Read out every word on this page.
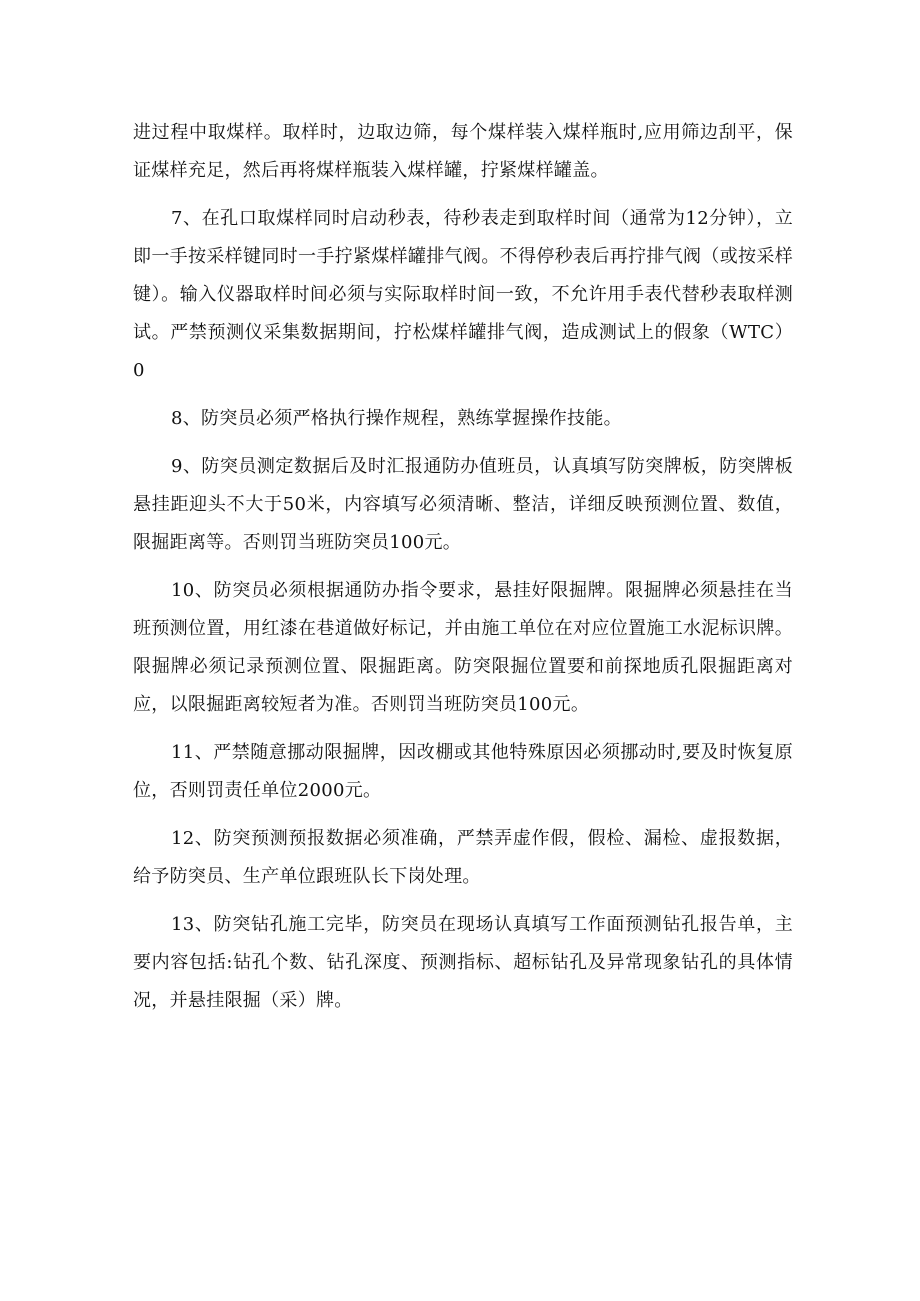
进过程中取煤样。取样时，边取边筛，每个煤样装入煤样瓶时,应用筛边刮平，保证煤样充足，然后再将煤样瓶装入煤样罐，拧紧煤样罐盖。

7、在孔口取煤样同时启动秒表，待秒表走到取样时间（通常为12分钟），立即一手按采样键同时一手拧紧煤样罐排气阀。不得停秒表后再拧排气阀（或按采样键）。输入仪器取样时间必须与实际取样时间一致，不允许用手表代替秒表取样测试。严禁预测仪采集数据期间，拧松煤样罐排气阀，造成测试上的假象（WTC）0

8、防突员必须严格执行操作规程，熟练掌握操作技能。

9、防突员测定数据后及时汇报通防办值班员，认真填写防突牌板，防突牌板悬挂距迎头不大于50米，内容填写必须清晰、整洁，详细反映预测位置、数值，限掘距离等。否则罚当班防突员100元。

10、防突员必须根据通防办指令要求，悬挂好限掘牌。限掘牌必须悬挂在当班预测位置，用红漆在巷道做好标记，并由施工单位在对应位置施工水泥标识牌。限掘牌必须记录预测位置、限掘距离。防突限掘位置要和前探地质孔限掘距离对应，以限掘距离较短者为准。否则罚当班防突员100元。

11、严禁随意挪动限掘牌，因改棚或其他特殊原因必须挪动时,要及时恢复原位，否则罚责任单位2000元。

12、防突预测预报数据必须准确，严禁弄虚作假，假检、漏检、虚报数据，给予防突员、生产单位跟班队长下岗处理。

13、防突钻孔施工完毕，防突员在现场认真填写工作面预测钻孔报告单，主要内容包括:钻孔个数、钻孔深度、预测指标、超标钻孔及异常现象钻孔的具体情况，并悬挂限掘（采）牌。
